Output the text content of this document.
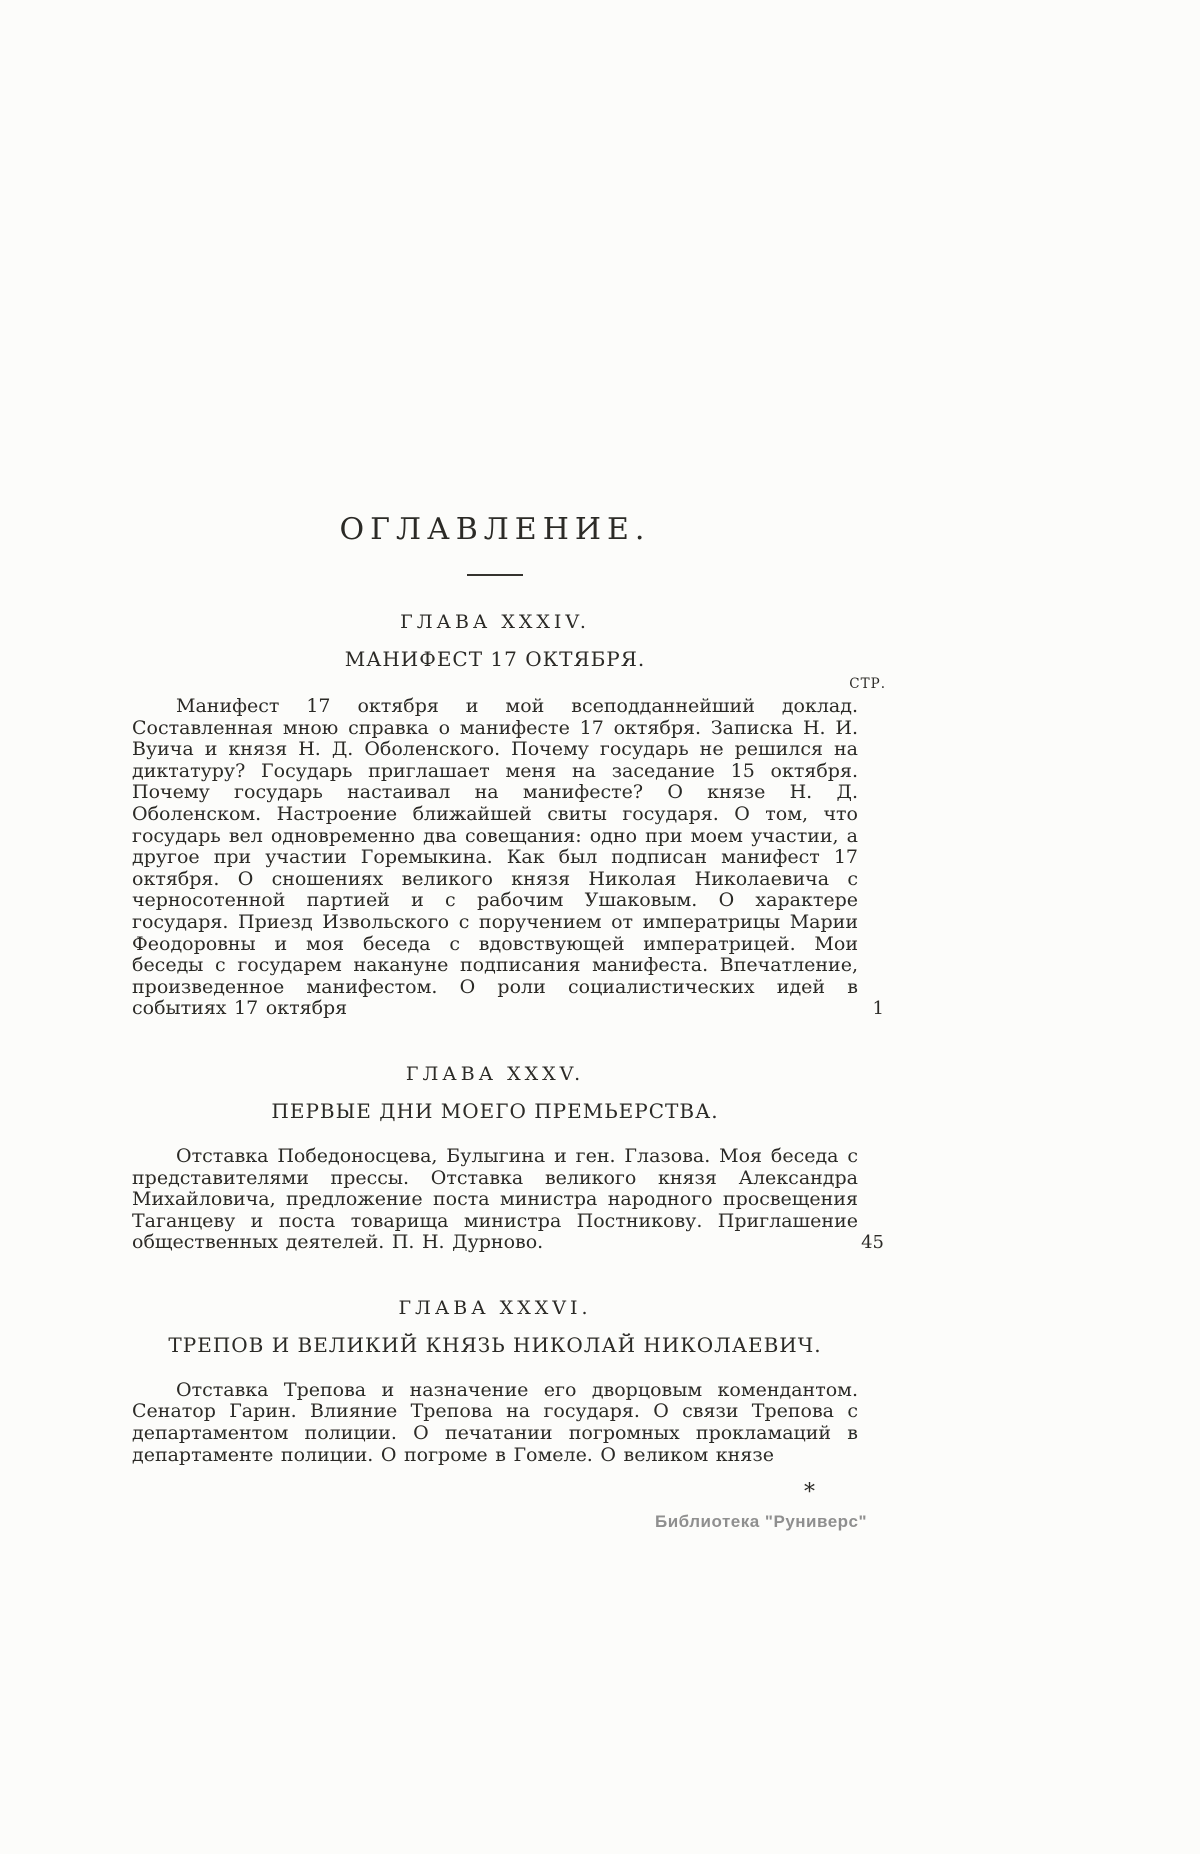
ОГЛАВЛЕНИЕ.
ГЛАВА XXXIV.
МАНИФЕСТ 17 ОКТЯБРЯ.
СТР.

Манифест 17 октября и мой всеподданнейший доклад. Составленная мною справка о манифесте 17 октября. Записка Н. И. Вуича и князя Н. Д. Оболенского. Почему государь не решился на диктатуру? Государь приглашает меня на заседание 15 октября. Почему государь настаивал на манифесте? О князе Н. Д. Оболенском. Настроение ближайшей свиты государя. О том, что государь вел одновременно два совещания: одно при моем участии, а другое при участии Горемыкина. Как был подписан манифест 17 октября. О сношениях великого князя Николая Николаевича с черносотенной партией и с рабочим Ушаковым. О характере государя. Приезд Извольского с поручением от императрицы Марии Феодоровны и моя беседа с вдовствующей императрицей. Мои беседы с государем накануне подписания манифеста. Впечатление, произведенное манифестом. О роли социалистических идей в событиях 17 октября	1
ГЛАВА XXXV.
ПЕРВЫЕ ДНИ МОЕГО ПРЕМЬЕРСТВА.

Отставка Победоносцева, Булыгина и ген. Глазова. Моя беседа с представителями прессы. Отставка великого князя Александра Михайловича, предложение поста министра народного просвещения Таганцеву и поста товарища министра Постникову. Приглашение общественных деятелей. П. Н. Дурново.	45
ГЛАВА XXXVI.
ТРЕПОВ И ВЕЛИКИЙ КНЯЗЬ НИКОЛАЙ НИКОЛАЕВИЧ.

Отставка Трепова и назначение его дворцовым комендантом. Сенатор Гарин. Влияние Трепова на государя. О связи Трепова с департаментом полиции. О печатании погромных прокламаций в департаменте полиции. О погроме в Гомеле. О великом князе

*
Библиотека "Руниверс"
